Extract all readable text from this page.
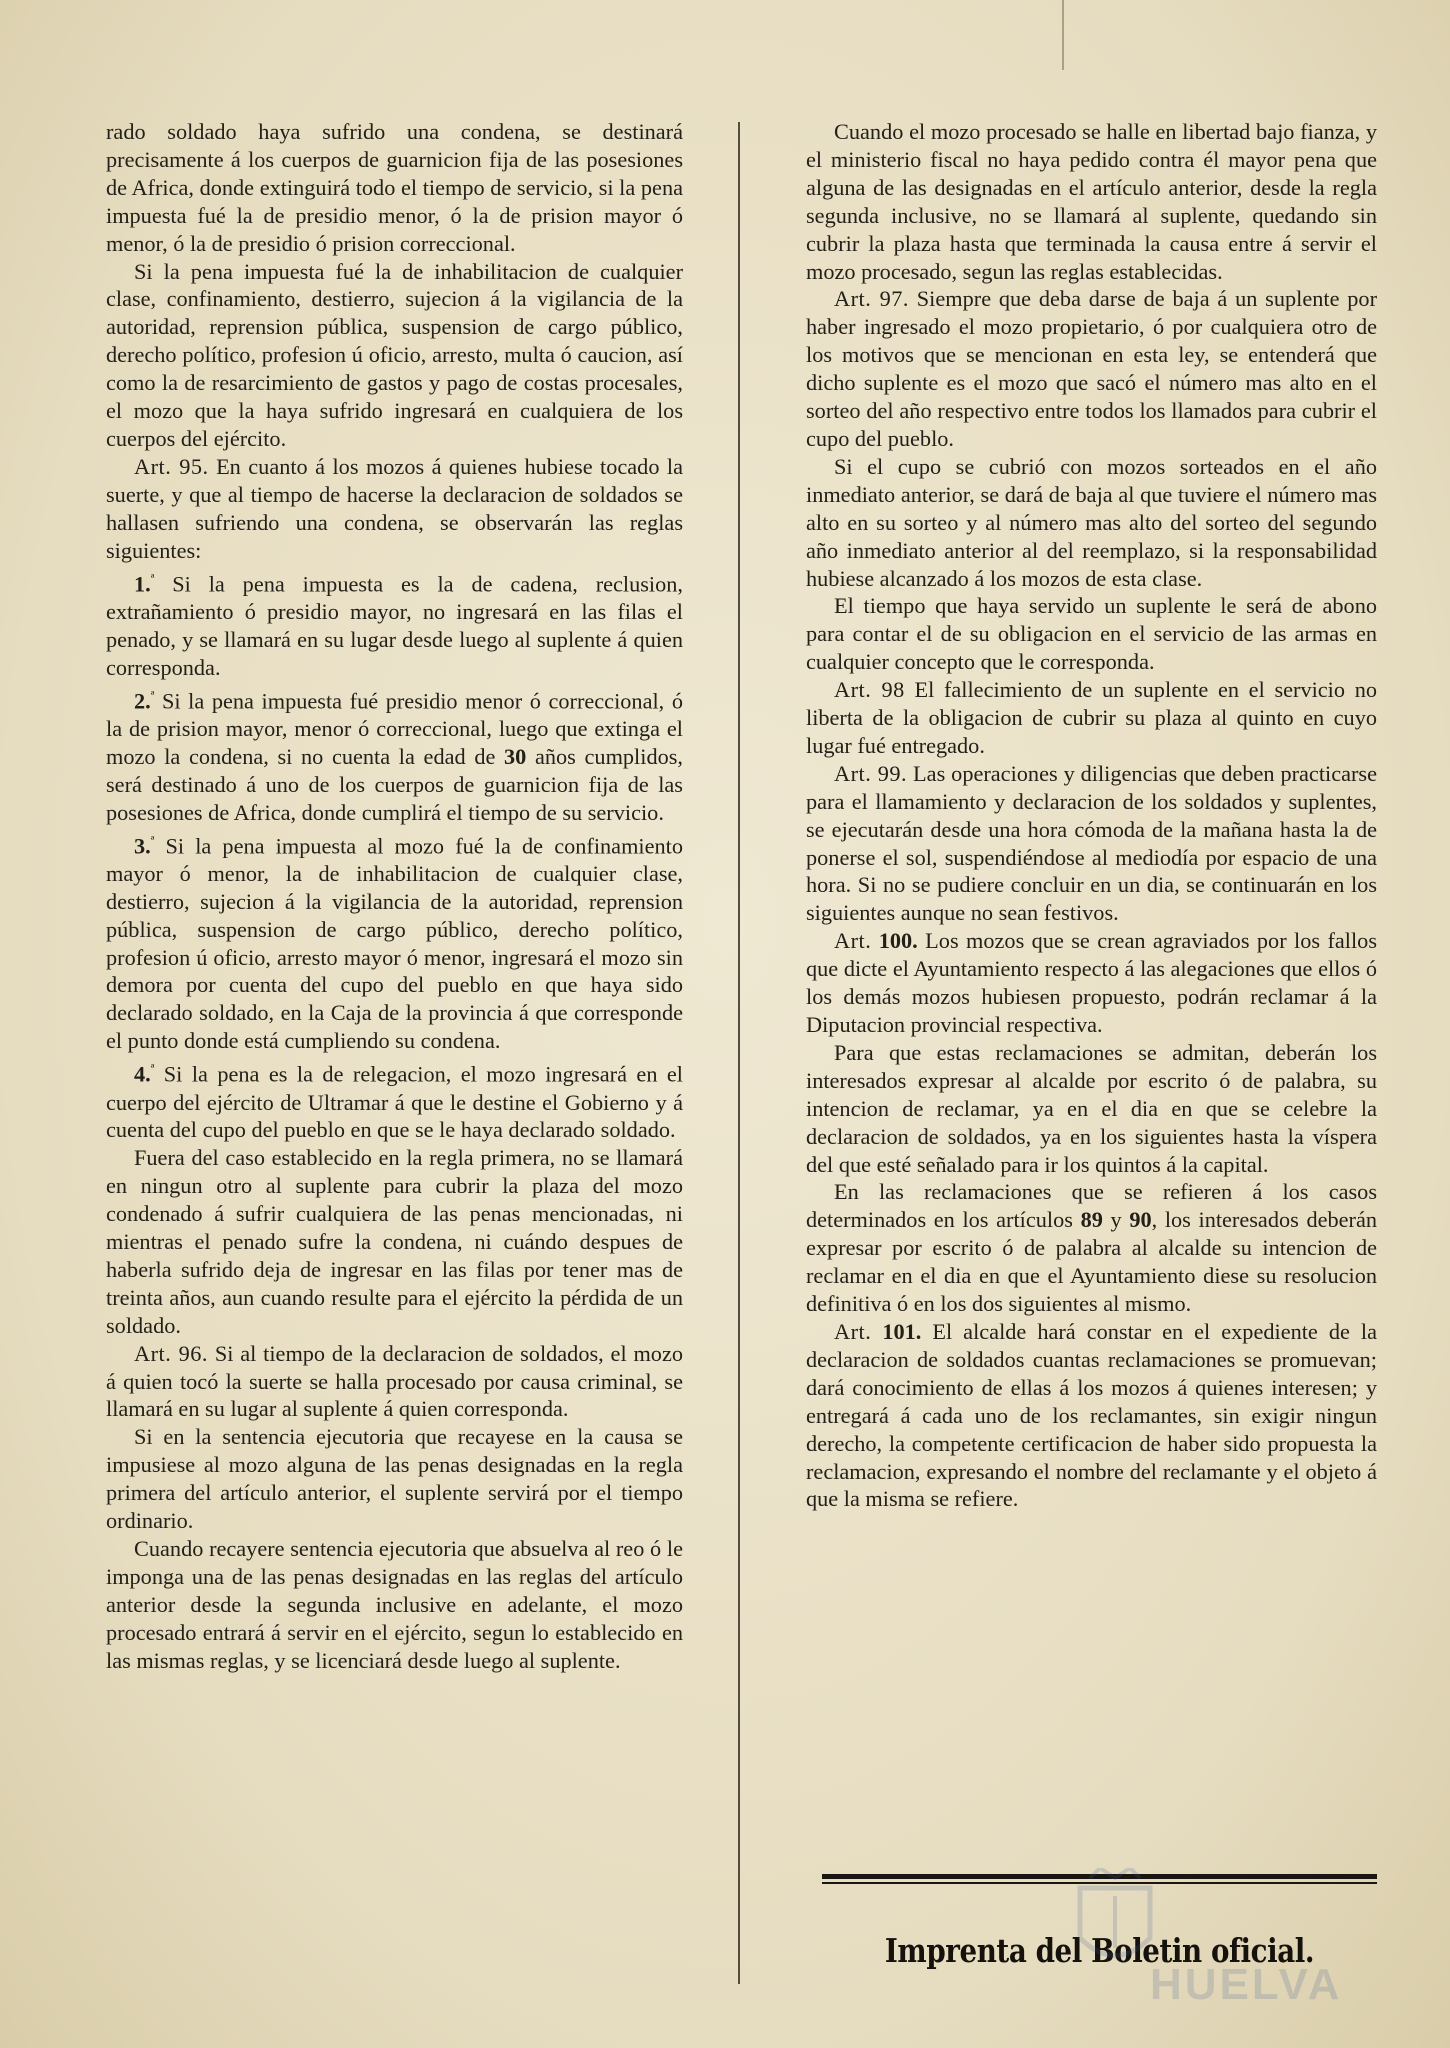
rado soldado haya sufrido una condena, se destinará precisamente á los cuerpos de guarnicion fija de las posesiones de Africa, donde extinguirá todo el tiempo de servicio, si la pena impuesta fué la de presidio menor, ó la de prision mayor ó menor, ó la de presidio ó prision correccional.

Si la pena impuesta fué la de inhabilitacion de cualquier clase, confinamiento, destierro, sujecion á la vigilancia de la autoridad, reprension pública, suspension de cargo público, derecho político, profesion ú oficio, arresto, multa ó caucion, así como la de resarcimiento de gastos y pago de costas procesales, el mozo que la haya sufrido ingresará en cualquiera de los cuerpos del ejército.

Art. 95. En cuanto á los mozos á quienes hubiese tocado la suerte, y que al tiempo de hacerse la declaracion de soldados se hallasen sufriendo una condena, se observarán las reglas siguientes:

1.$^ª$ Si la pena impuesta es la de cadena, reclusion, extrañamiento ó presidio mayor, no ingresará en las filas el penado, y se llamará en su lugar desde luego al suplente á quien corresponda.

2.$^ª$ Si la pena impuesta fué presidio menor ó correccional, ó la de prision mayor, menor ó correccional, luego que extinga el mozo la condena, si no cuenta la edad de 30 años cumplidos, será destinado á uno de los cuerpos de guarnicion fija de las posesiones de Africa, donde cumplirá el tiempo de su servicio.

3.$^ª$ Si la pena impuesta al mozo fué la de confinamiento mayor ó menor, la de inhabilitacion de cualquier clase, destierro, sujecion á la vigilancia de la autoridad, reprension pública, suspension de cargo público, derecho político, profesion ú oficio, arresto mayor ó menor, ingresará el mozo sin demora por cuenta del cupo del pueblo en que haya sido declarado soldado, en la Caja de la provincia á que corresponde el punto donde está cumpliendo su condena.

4.$^ª$ Si la pena es la de relegacion, el mozo ingresará en el cuerpo del ejército de Ultramar á que le destine el Gobierno y á cuenta del cupo del pueblo en que se le haya declarado soldado.

Fuera del caso establecido en la regla primera, no se llamará en ningun otro al suplente para cubrir la plaza del mozo condenado á sufrir cualquiera de las penas mencionadas, ni mientras el penado sufre la condena, ni cuándo despues de haberla sufrido deja de ingresar en las filas por tener mas de treinta años, aun cuando resulte para el ejército la pérdida de un soldado.

Art. 96. Si al tiempo de la declaracion de soldados, el mozo á quien tocó la suerte se halla procesado por causa criminal, se llamará en su lugar al suplente á quien corresponda.

Si en la sentencia ejecutoria que recayese en la causa se impusiese al mozo alguna de las penas designadas en la regla primera del artículo anterior, el suplente servirá por el tiempo ordinario.

Cuando recayere sentencia ejecutoria que absuelva al reo ó le imponga una de las penas designadas en las reglas del artículo anterior desde la segunda inclusive en adelante, el mozo procesado entrará á servir en el ejército, segun lo establecido en las mismas reglas, y se licenciará desde luego al suplente.

Cuando el mozo procesado se halle en libertad bajo fianza, y el ministerio fiscal no haya pedido contra él mayor pena que alguna de las designadas en el artículo anterior, desde la regla segunda inclusive, no se llamará al suplente, quedando sin cubrir la plaza hasta que terminada la causa entre á servir el mozo procesado, segun las reglas establecidas.

Art. 97. Siempre que deba darse de baja á un suplente por haber ingresado el mozo propietario, ó por cualquiera otro de los motivos que se mencionan en esta ley, se entenderá que dicho suplente es el mozo que sacó el número mas alto en el sorteo del año respectivo entre todos los llamados para cubrir el cupo del pueblo.

Si el cupo se cubrió con mozos sorteados en el año inmediato anterior, se dará de baja al que tuviere el número mas alto en su sorteo y al número mas alto del sorteo del segundo año inmediato anterior al del reemplazo, si la responsabilidad hubiese alcanzado á los mozos de esta clase.

El tiempo que haya servido un suplente le será de abono para contar el de su obligacion en el servicio de las armas en cualquier concepto que le corresponda.

Art. 98 El fallecimiento de un suplente en el servicio no liberta de la obligacion de cubrir su plaza al quinto en cuyo lugar fué entregado.

Art. 99. Las operaciones y diligencias que deben practicarse para el llamamiento y declaracion de los soldados y suplentes, se ejecutarán desde una hora cómoda de la mañana hasta la de ponerse el sol, suspendiéndose al mediodía por espacio de una hora. Si no se pudiere concluir en un dia, se continuarán en los siguientes aunque no sean festivos.

Art. 100. Los mozos que se crean agraviados por los fallos que dicte el Ayuntamiento respecto á las alegaciones que ellos ó los demás mozos hubiesen propuesto, podrán reclamar á la Diputacion provincial respectiva.

Para que estas reclamaciones se admitan, deberán los interesados expresar al alcalde por escrito ó de palabra, su intencion de reclamar, ya en el dia en que se celebre la declaracion de soldados, ya en los siguientes hasta la víspera del que esté señalado para ir los quintos á la capital.

En las reclamaciones que se refieren á los casos determinados en los artículos 89 y 90, los interesados deberán expresar por escrito ó de palabra al alcalde su intencion de reclamar en el dia en que el Ayuntamiento diese su resolucion definitiva ó en los dos siguientes al mismo.

Art. 101. El alcalde hará constar en el expediente de la declaracion de soldados cuantas reclamaciones se promuevan; dará conocimiento de ellas á los mozos á quienes interesen; y entregará á cada uno de los reclamantes, sin exigir ningun derecho, la competente certificacion de haber sido propuesta la reclamacion, expresando el nombre del reclamante y el objeto á que la misma se refiere.

Imprenta del Boletin oficial.
HUELVA
